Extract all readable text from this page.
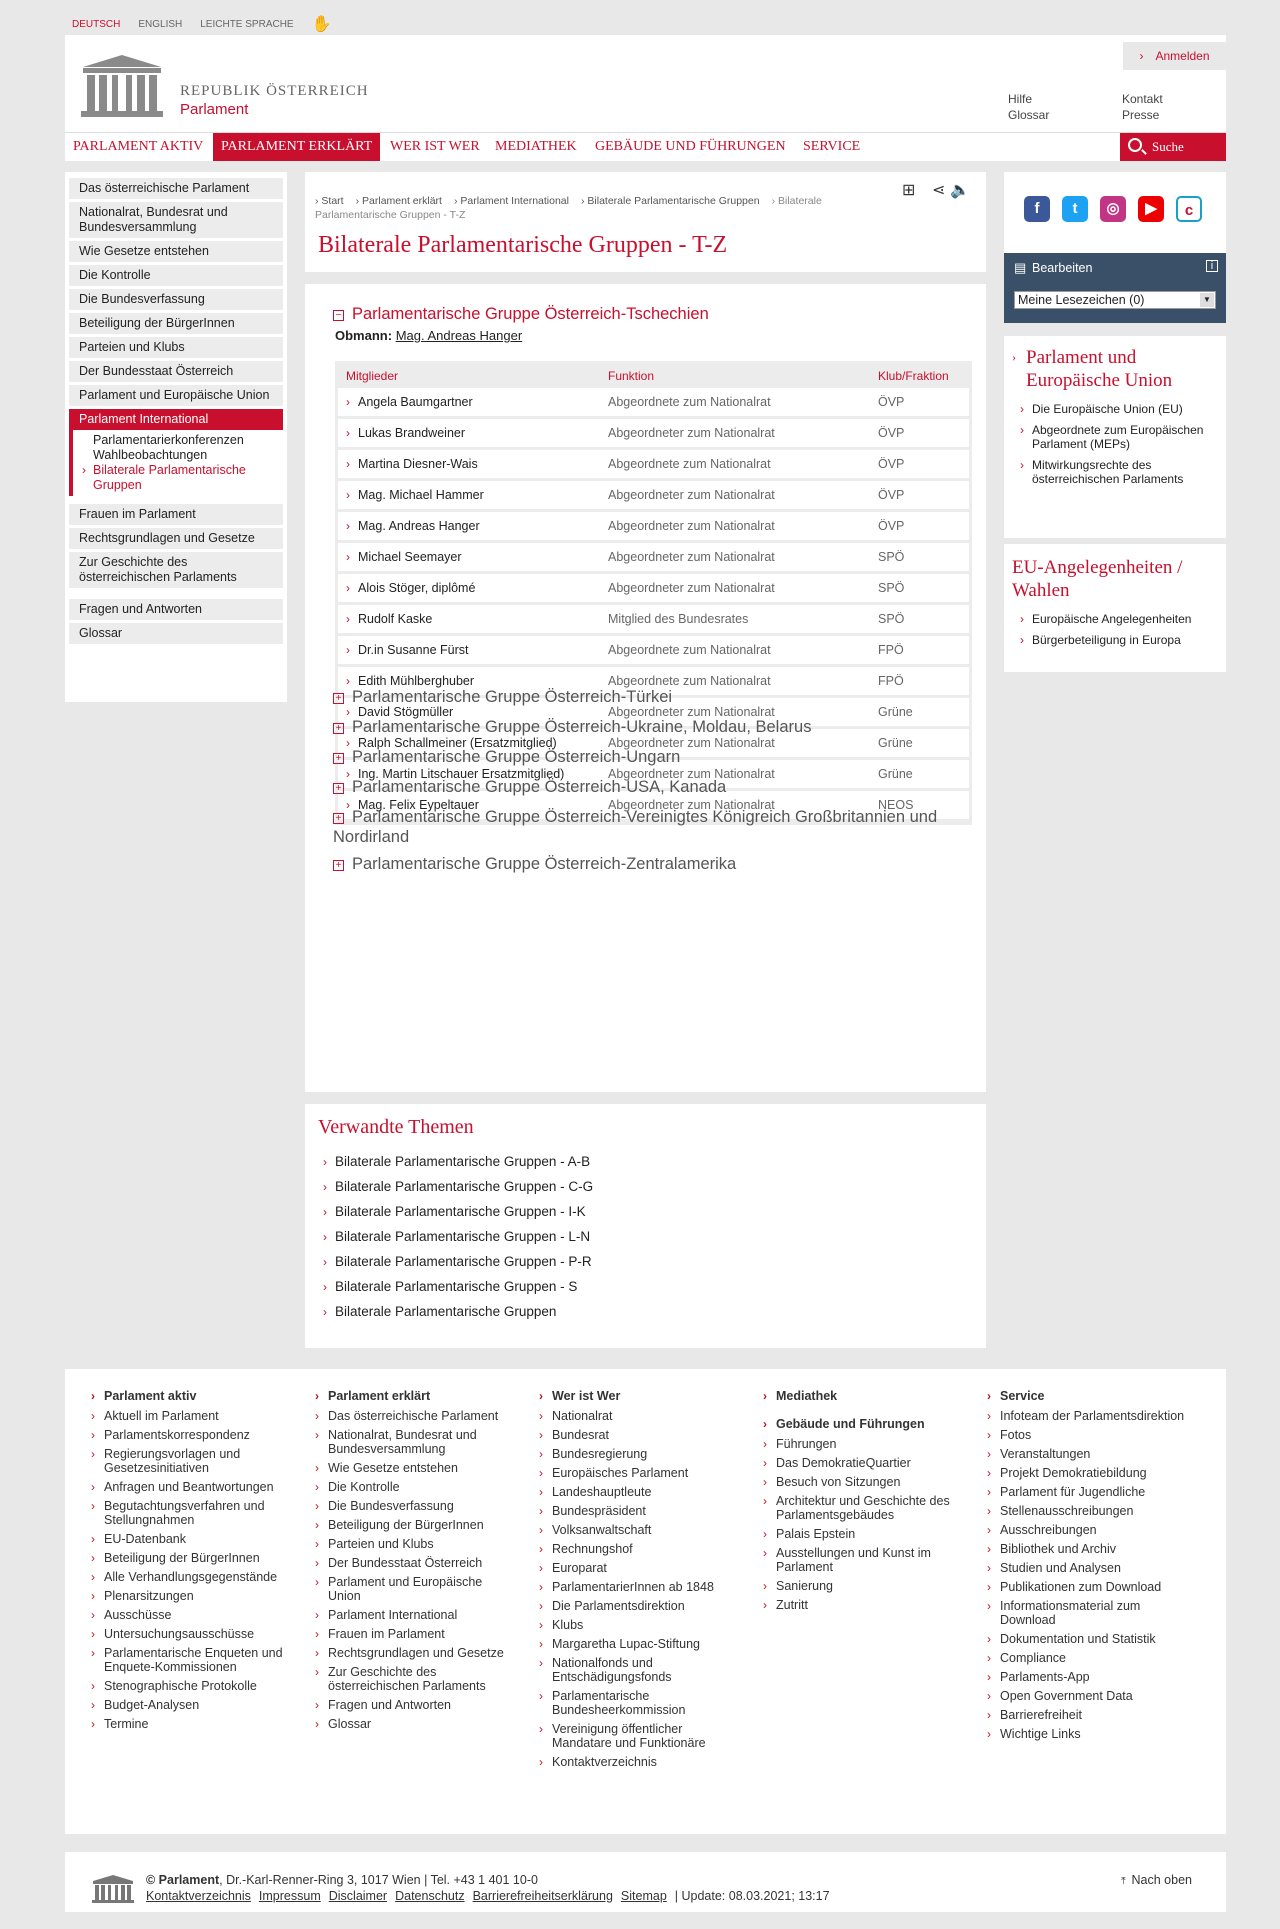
DEUTSCH ENGLISH LEICHTE SPRACHE ✋
REPUBLIK ÖSTERREICH
Parlament
›	Anmelden
Hilfe
Glossar
Kontakt
Presse
PARLAMENT AKTIV	PARLAMENT ERKLÄRT	WER IST WER	MEDIATHEK	GEBÄUDE UND FÜHRUNGEN	SERVICE	Suche
Das österreichische Parlament
Nationalrat, Bundesrat und Bundesversammlung
Wie Gesetze entstehen
Die Kontrolle
Die Bundesverfassung
Beteiligung der BürgerInnen
Parteien und Klubs
Der Bundesstaat Österreich
Parlament und Europäische Union
Parlament International
Parlamentarierkonferenzen
Wahlbeobachtungen
› Bilaterale Parlamentarische Gruppen
Frauen im Parlament
Rechtsgrundlagen und Gesetze
Zur Geschichte des österreichischen Parlaments
Fragen und Antworten
Glossar
› Start › Parlament erklärt › Parlament International › Bilaterale Parlamentarische Gruppen › Bilaterale Parlamentarische Gruppen - T-Z
⊞ ⋖ 🔈
Bilaterale Parlamentarische Gruppen - T-Z
− Parlamentarische Gruppe Österreich-Tschechien
Obmann: Mag. Andreas Hanger
Mitglieder	Funktion	Klub/Fraktion
› Angela Baumgartner	Abgeordnete zum Nationalrat	ÖVP
› Lukas Brandweiner	Abgeordneter zum Nationalrat	ÖVP
› Martina Diesner-Wais	Abgeordnete zum Nationalrat	ÖVP
› Mag. Michael Hammer	Abgeordneter zum Nationalrat	ÖVP
› Mag. Andreas Hanger	Abgeordneter zum Nationalrat	ÖVP
› Michael Seemayer	Abgeordneter zum Nationalrat	SPÖ
› Alois Stöger, diplômé	Abgeordneter zum Nationalrat	SPÖ
› Rudolf Kaske	Mitglied des Bundesrates	SPÖ
› Dr.in Susanne Fürst	Abgeordnete zum Nationalrat	FPÖ
› Edith Mühlberghuber	Abgeordnete zum Nationalrat	FPÖ
› David Stögmüller	Abgeordneter zum Nationalrat	Grüne
› Ralph Schallmeiner (Ersatzmitglied)	Abgeordneter zum Nationalrat	Grüne
› Ing. Martin Litschauer Ersatzmitglied)	Abgeordneter zum Nationalrat	Grüne
› Mag. Felix Eypeltauer	Abgeordneter zum Nationalrat	NEOS
+ Parlamentarische Gruppe Österreich-Türkei
+ Parlamentarische Gruppe Österreich-Ukraine, Moldau, Belarus
+ Parlamentarische Gruppe Österreich-Ungarn
+ Parlamentarische Gruppe Österreich-USA, Kanada
+ Parlamentarische Gruppe Österreich-Vereinigtes Königreich Großbritannien und Nordirland
+ Parlamentarische Gruppe Österreich-Zentralamerika
Verwandte Themen
› Bilaterale Parlamentarische Gruppen - A-B
› Bilaterale Parlamentarische Gruppen - C-G
› Bilaterale Parlamentarische Gruppen - I-K
› Bilaterale Parlamentarische Gruppen - L-N
› Bilaterale Parlamentarische Gruppen - P-R
› Bilaterale Parlamentarische Gruppen - S
› Bilaterale Parlamentarische Gruppen
f	t	◎	▶	c
▤ Bearbeiten	i
Meine Lesezeichen (0)	▼
› Parlament und Europäische Union
› Die Europäische Union (EU)
› Abgeordnete zum Europäischen Parlament (MEPs)
› Mitwirkungsrechte des österreichischen Parlaments
EU-Angelegenheiten / Wahlen
› Europäische Angelegenheiten
› Bürgerbeteiligung in Europa
› Parlament aktiv
› Aktuell im Parlament
› Parlamentskorrespondenz
› Regierungsvorlagen und Gesetzesinitiativen
› Anfragen und Beantwortungen
› Begutachtungsverfahren und Stellungnahmen
› EU-Datenbank
› Beteiligung der BürgerInnen
› Alle Verhandlungsgegenstände
› Plenarsitzungen
› Ausschüsse
› Untersuchungsausschüsse
› Parlamentarische Enqueten und Enquete-Kommissionen
› Stenographische Protokolle
› Budget-Analysen
› Termine
› Parlament erklärt
› Das österreichische Parlament
› Nationalrat, Bundesrat und Bundesversammlung
› Wie Gesetze entstehen
› Die Kontrolle
› Die Bundesverfassung
› Beteiligung der BürgerInnen
› Parteien und Klubs
› Der Bundesstaat Österreich
› Parlament und Europäische Union
› Parlament International
› Frauen im Parlament
› Rechtsgrundlagen und Gesetze
› Zur Geschichte des österreichischen Parlaments
› Fragen und Antworten
› Glossar
› Wer ist Wer
› Nationalrat
› Bundesrat
› Bundesregierung
› Europäisches Parlament
› Landeshauptleute
› Bundespräsident
› Volksanwaltschaft
› Rechnungshof
› Europarat
› ParlamentarierInnen ab 1848
› Die Parlamentsdirektion
› Klubs
› Margaretha Lupac-Stiftung
› Nationalfonds und Entschädigungsfonds
› Parlamentarische Bundesheerkommission
› Vereinigung öffentlicher Mandatare und Funktionäre
› Kontaktverzeichnis
› Mediathek
› Gebäude und Führungen
› Führungen
› Das DemokratieQuartier
› Besuch von Sitzungen
› Architektur und Geschichte des Parlamentsgebäudes
› Palais Epstein
› Ausstellungen und Kunst im Parlament
› Sanierung
› Zutritt
› Service
› Infoteam der Parlamentsdirektion
› Fotos
› Veranstaltungen
› Projekt Demokratiebildung
› Parlament für Jugendliche
› Stellenausschreibungen
› Ausschreibungen
› Bibliothek und Archiv
› Studien und Analysen
› Publikationen zum Download
› Informationsmaterial zum Download
› Dokumentation und Statistik
› Compliance
› Parlaments-App
› Open Government Data
› Barrierefreiheit
› Wichtige Links
© Parlament, Dr.-Karl-Renner-Ring 3, 1017 Wien | Tel. +43 1 401 10-0
Kontaktverzeichnis Impressum Disclaimer Datenschutz Barrierefreiheitserklärung Sitemap | Update: 08.03.2021; 13:17
⤒ Nach oben
